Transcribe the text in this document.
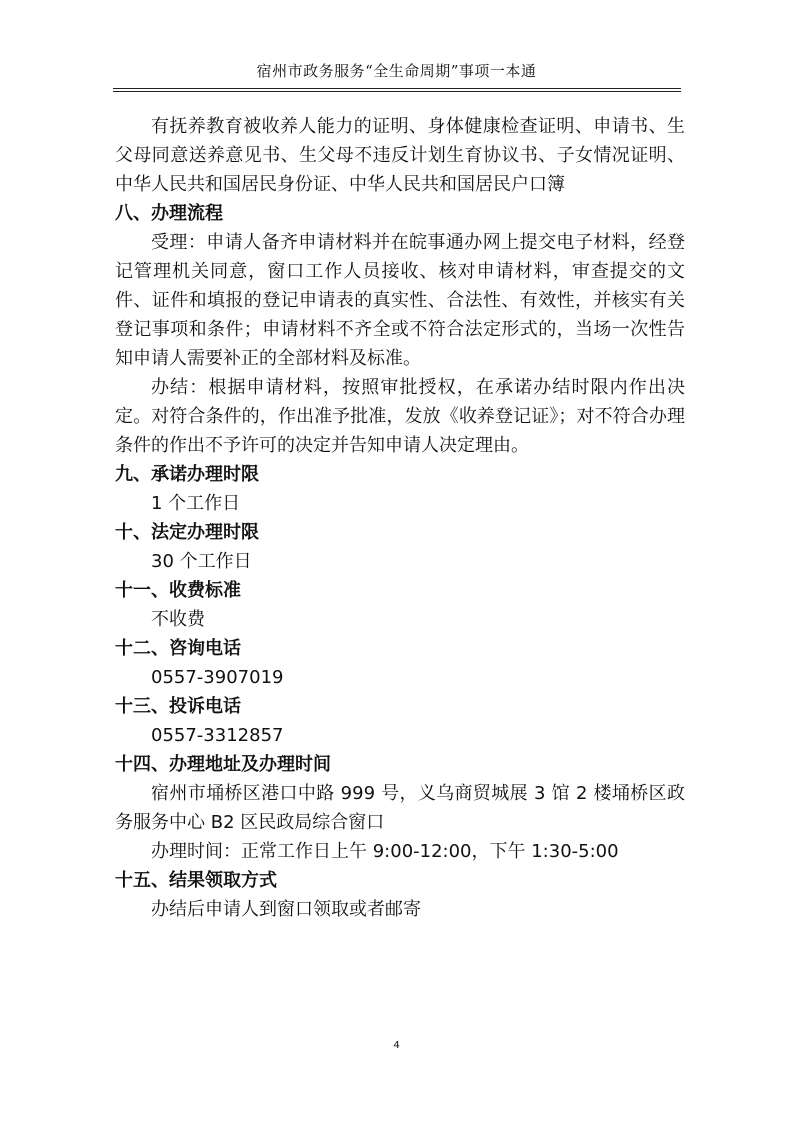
宿州市政务服务“全生命周期”事项一本通

有抚养教育被收养人能力的证明、身体健康检查证明、申请书、生父母同意送养意见书、生父母不违反计划生育协议书、子女情况证明、中华人民共和国居民身份证、中华人民共和国居民户口簿

八、办理流程

受理：申请人备齐申请材料并在皖事通办网上提交电子材料，经登记管理机关同意，窗口工作人员接收、核对申请材料，审查提交的文件、证件和填报的登记申请表的真实性、合法性、有效性，并核实有关登记事项和条件；申请材料不齐全或不符合法定形式的，当场一次性告知申请人需要补正的全部材料及标准。

办结：根据申请材料，按照审批授权，在承诺办结时限内作出决定。对符合条件的，作出准予批准，发放《收养登记证》；对不符合办理条件的作出不予许可的决定并告知申请人决定理由。

九、承诺办理时限

1 个工作日

十、法定办理时限

30 个工作日

十一、收费标准

不收费

十二、咨询电话

0557-3907019

十三、投诉电话

0557-3312857

十四、办理地址及办理时间

宿州市埇桥区港口中路 999 号，义乌商贸城展 3 馆 2 楼埇桥区政务服务中心 B2 区民政局综合窗口

办理时间：正常工作日上午 9:00-12:00，下午 1:30-5:00

十五、结果领取方式

办结后申请人到窗口领取或者邮寄

4
